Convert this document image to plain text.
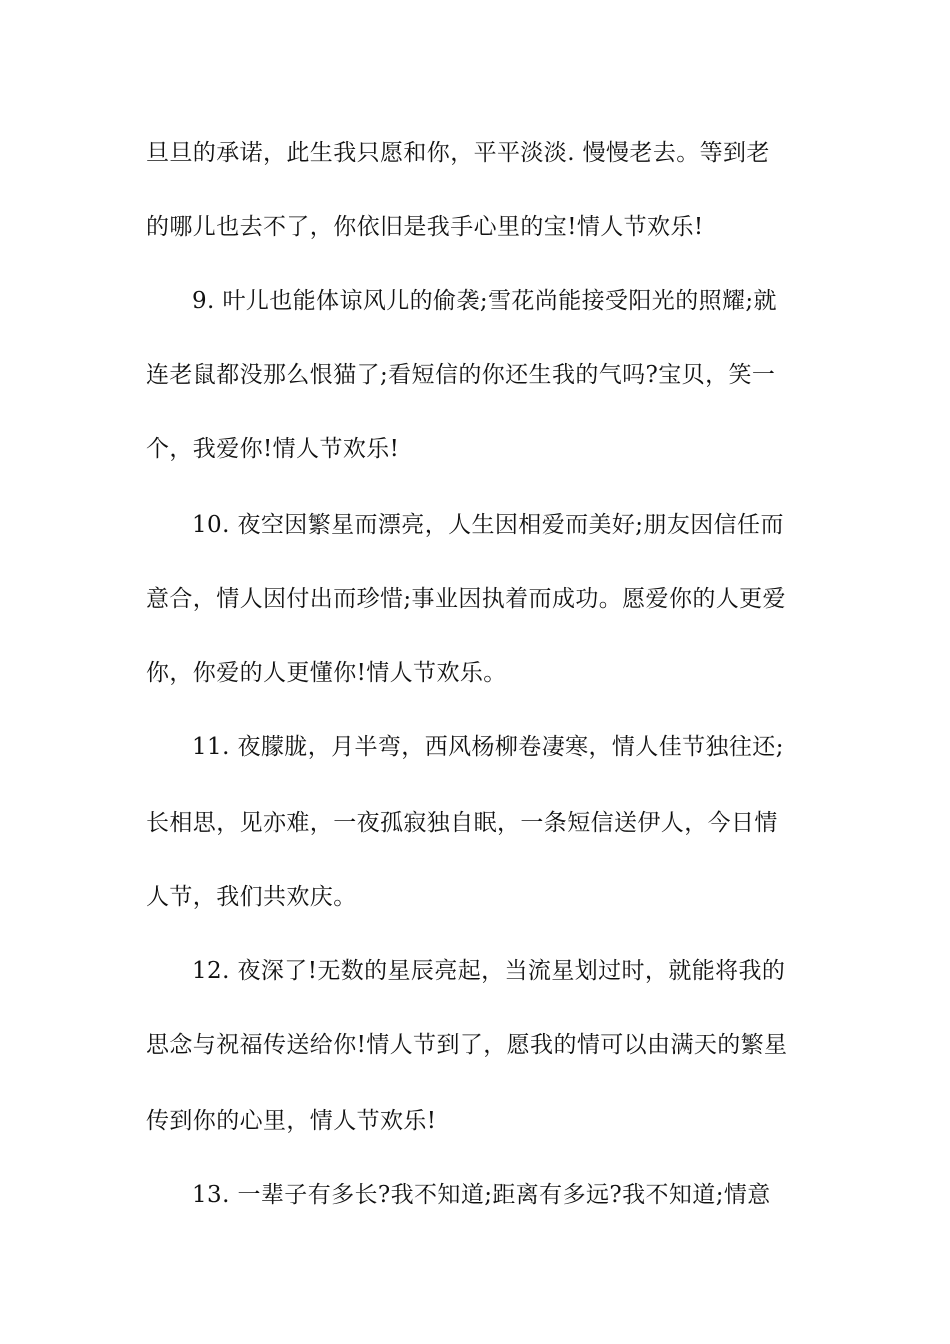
旦旦的承诺，此生我只愿和你，平平淡淡. 慢慢老去。等到老
的哪儿也去不了，你依旧是我手心里的宝!情人节欢乐!
9. 叶儿也能体谅风儿的偷袭;雪花尚能接受阳光的照耀;就
连老鼠都没那么恨猫了;看短信的你还生我的气吗?宝贝，笑一
个，我爱你!情人节欢乐!
10. 夜空因繁星而漂亮，人生因相爱而美好;朋友因信任而
意合，情人因付出而珍惜;事业因执着而成功。愿爱你的人更爱
你，你爱的人更懂你!情人节欢乐。
11. 夜朦胧，月半弯，西风杨柳卷凄寒，情人佳节独往还;
长相思，见亦难，一夜孤寂独自眠，一条短信送伊人，今日情
人节，我们共欢庆。
12. 夜深了!无数的星辰亮起，当流星划过时，就能将我的
思念与祝福传送给你!情人节到了，愿我的情可以由满天的繁星
传到你的心里，情人节欢乐!
13. 一辈子有多长?我不知道;距离有多远?我不知道;情意
